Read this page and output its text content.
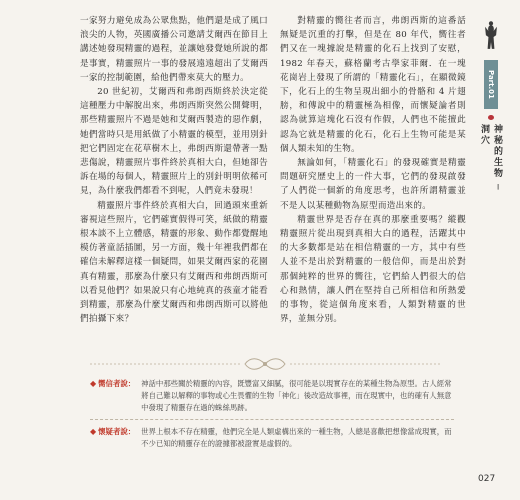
一家努力避免成為公眾焦點，他們還是成了風口浪尖的人物，英國廣播公司邀請艾爾西在節目上講述她發現精靈的過程，並讓她發覺她所說的都是事實，精靈照片一事的發展遠遠超出了艾爾西一家的控制範圍，給他們帶來莫大的壓力。

20 世紀初，艾爾西和弗朗西斯終於決定從這種壓力中解脫出來，弗朗西斯突然公開聲明，那些精靈照片不過是她和艾爾西製造的惡作劇，她們當時只是用紙做了小精靈的模型，並用別針把它們固定在花草樹木上，弗朗西斯還帶著一點悲傷說，精靈照片事件終於真相大白，但她卻告訴在場的每個人，精靈照片上的別針明明依稀可見，為什麼我們都看不到呢，人們竟未發現！

精靈照片事件終於真相大白，回過頭來重新審視這些照片，它們確實假得可笑，紙做的精靈根本談不上立體感，精靈的形象、動作都覺醒地模仿著童話插圖，另一方面，幾十年裡我們都在確信未解釋這樣一個疑問，如果艾爾西家的花園真有精靈，那麼為什麼只有艾爾西和弗朗西斯可以看見他們？如果說只有心地純真的孩童才能看到精靈，那麼為什麼艾爾西和弗朗西斯可以將他們拍攝下來？

對精靈的嚮往者而言，弗朗西斯的這番話無疑是沉重的打擊，但是在 80 年代，嚮往者們又在一塊據說是精靈的化石上找到了安慰，1982 年春天，蘇格蘭考古學家菲爾．在一塊花崗岩上發現了所謂的「精靈化石」，在顯微鏡下，化石上的生物呈現出細小的骨骼和 4 片翅膀，和傳說中的精靈極為相像，而懷疑論者則認為就算這塊化石沒有作假，人們也不能擅此認為它就是精靈的化石，化石上生物可能是某個人類未知的生物。

無論如何，「精靈化石」的發現確實是精靈問題研究歷史上的一件大事，它們的發現啟發了人們從一個新的角度思考，也許所謂精靈並不是人以某種動物為原型而造出來的。

精靈世界是否存在真的那麼重要嗎？縱觀精靈照片從出現到真相大白的過程，活躍其中的大多數都是站在相信精靈的一方，其中有些人並不是出於對精靈的一般信仰，而是出於對那個純粹的世界的嚮往，它們給人們很大的信心和熱情，讓人們在堅持自己所相信和所熱愛的事物，從這個角度來看，人類對精靈的世界，並無分別。

Part.01
神秘的生物 ─ 洞穴
◆ 嚮信者說 ： 神話中那些關於精靈的內容，既豐富又細膩，很可能是以現實存在的某種生物為原型。古人經常將自己難以解釋的事物或心生畏懼的生物「神化」後改造故事裡，而在現實中，也的確有人無意中發現了精靈存在過的蛛絲馬跡。
◆ 懷疑者說 ： 世界上根本不存在精靈，他們完全是人類虛構出來的一種生物，人總是喜歡把想像當成現實，而不少已知的精靈存在的證據都被證實是虛假的。
027
